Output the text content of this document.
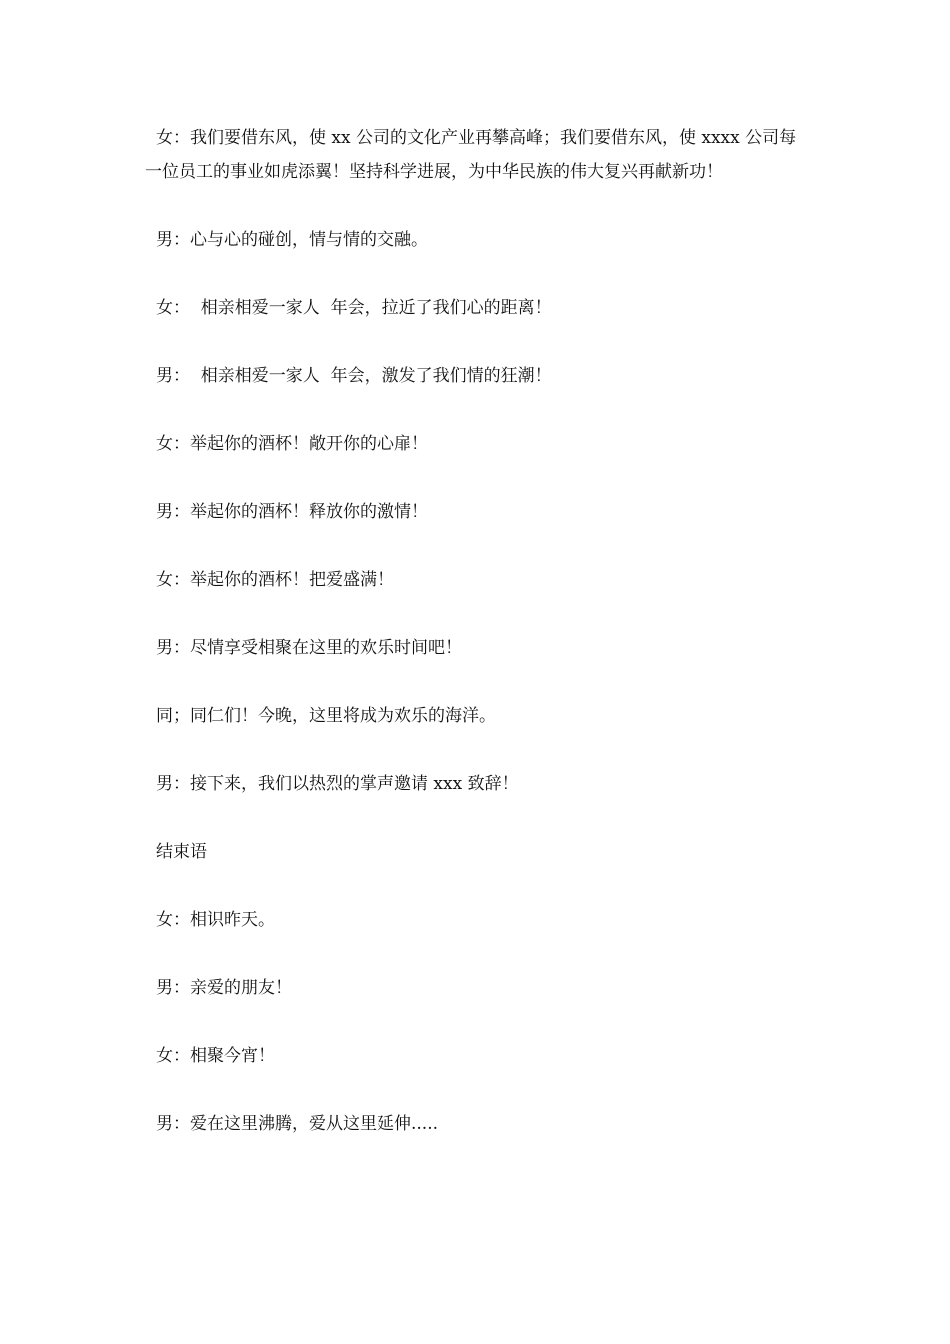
女：我们要借东风，使 xx 公司的文化产业再攀高峰；我们要借东风，使 xxxx 公司每一位员工的事业如虎添翼！坚持科学进展，为中华民族的伟大复兴再献新功！

男：心与心的碰创，情与情的交融。

女：  相亲相爱一家人  年会，拉近了我们心的距离！

男：  相亲相爱一家人  年会，激发了我们情的狂潮！

女：举起你的酒杯！敞开你的心扉！

男：举起你的酒杯！释放你的激情！

女：举起你的酒杯！把爱盛满！

男：尽情享受相聚在这里的欢乐时间吧！

同；同仁们！今晚，这里将成为欢乐的海洋。

男：接下来，我们以热烈的掌声邀请 xxx 致辞！

结束语

女：相识昨天。

男：亲爱的朋友！

女：相聚今宵！

男：爱在这里沸腾，爱从这里延伸.....
